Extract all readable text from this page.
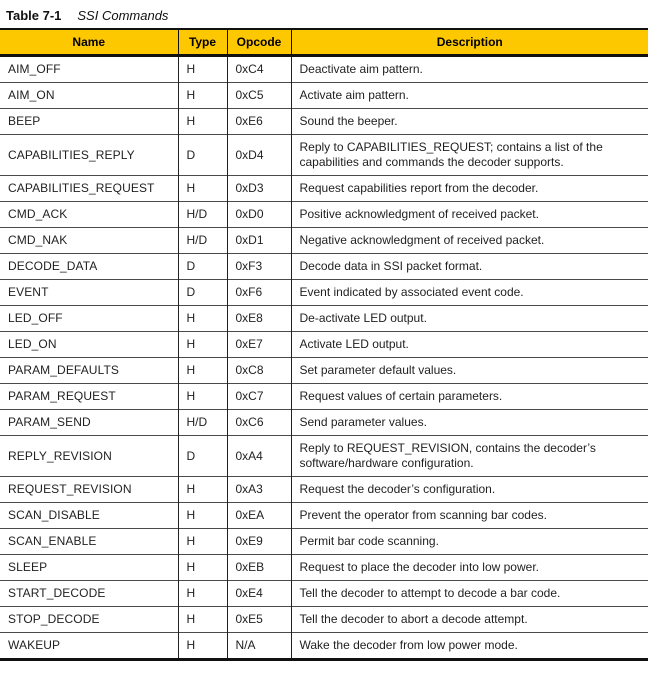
Table 7-1 SSI Commands
Name	Type	Opcode	Description
AIM_OFF	H	0xC4	Deactivate aim pattern.
AIM_ON	H	0xC5	Activate aim pattern.
BEEP	H	0xE6	Sound the beeper.
CAPABILITIES_REPLY	D	0xD4	Reply to CAPABILITIES_REQUEST; contains a list of the capabilities and commands the decoder supports.
CAPABILITIES_REQUEST	H	0xD3	Request capabilities report from the decoder.
CMD_ACK	H/D	0xD0	Positive acknowledgment of received packet.
CMD_NAK	H/D	0xD1	Negative acknowledgment of received packet.
DECODE_DATA	D	0xF3	Decode data in SSI packet format.
EVENT	D	0xF6	Event indicated by associated event code.
LED_OFF	H	0xE8	De-activate LED output.
LED_ON	H	0xE7	Activate LED output.
PARAM_DEFAULTS	H	0xC8	Set parameter default values.
PARAM_REQUEST	H	0xC7	Request values of certain parameters.
PARAM_SEND	H/D	0xC6	Send parameter values.
REPLY_REVISION	D	0xA4	Reply to REQUEST_REVISION, contains the decoder’s software/hardware configuration.
REQUEST_REVISION	H	0xA3	Request the decoder’s configuration.
SCAN_DISABLE	H	0xEA	Prevent the operator from scanning bar codes.
SCAN_ENABLE	H	0xE9	Permit bar code scanning.
SLEEP	H	0xEB	Request to place the decoder into low power.
START_DECODE	H	0xE4	Tell the decoder to attempt to decode a bar code.
STOP_DECODE	H	0xE5	Tell the decoder to abort a decode attempt.
WAKEUP	H	N/A	Wake the decoder from low power mode.
